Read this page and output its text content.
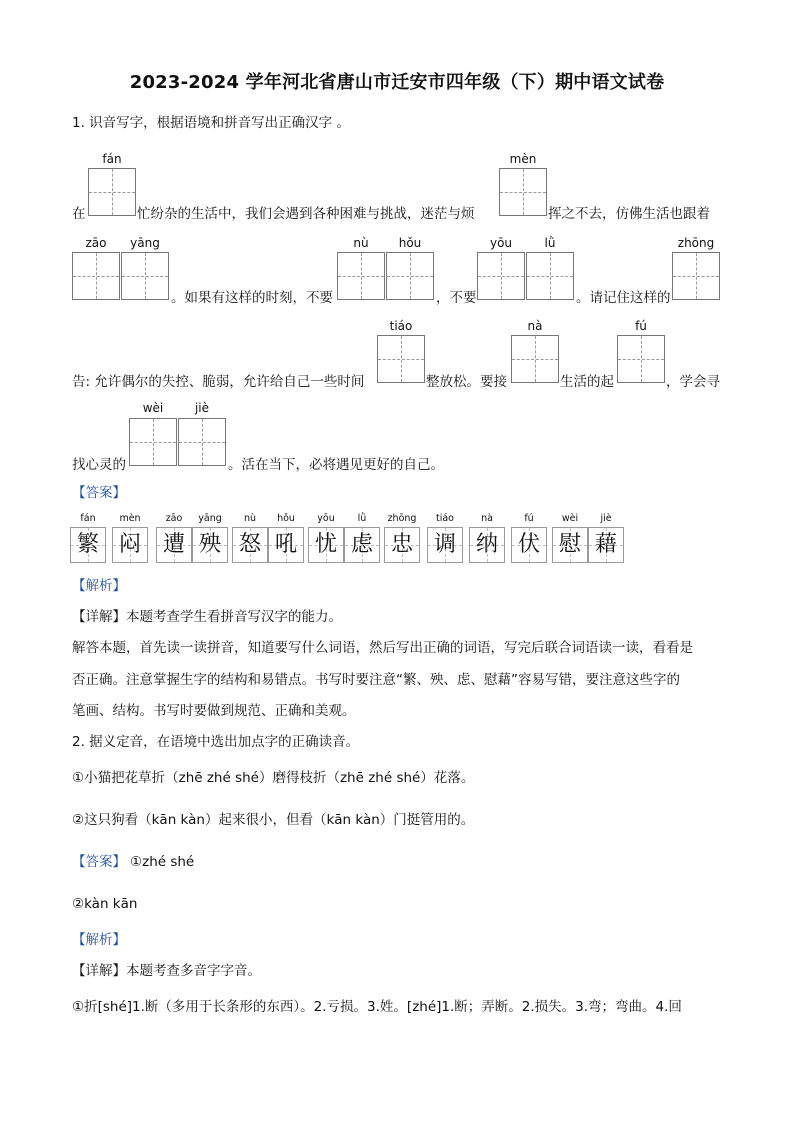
2023-2024 学年河北省唐山市迁安市四年级（下）期中语文试卷
1. 识音写字，根据语境和拼音写出正确汉字 。
fán	mèn
在	忙纷杂的生活中，我们会遇到各种困难与挑战，迷茫与烦	挥之不去，仿佛生活也跟着
zāo	yāng
。如果有这样的时刻，不要
nù	hǒu
，不要
yōu	lǜ
。请记住这样的
zhōng
告: 允许偶尔的失控、脆弱，允许给自己一些时间
tiáo
整放松。要接
nà
生活的起
fú
，学会寻
找心灵的
wèi	jiè
。活在当下，必将遇见更好的自己。
【答案】
fán
繁
mèn
闷
zāo
遭
yāng
殃
nù
怒
hǒu
吼
yōu
忧
lǜ
虑
zhōng
忠
tiáo
调
nà
纳
fú
伏
wèi
慰
jiè
藉
【解析】
【详解】本题考查学生看拼音写汉字的能力。
解答本题，首先读一读拼音，知道要写什么词语，然后写出正确的词语，写完后联合词语读一读，看看是
否正确。注意掌握生字的结构和易错点。书写时要注意“繁、殃、虑、慰藉”容易写错，要注意这些字的
笔画、结构。书写时要做到规范、正确和美观。
2. 据义定音，在语境中选出加点字的正确读音。
①小猫把花草折（zhē zhé shé）磨得枝折（zhē zhé shé）花落。
②这只狗看（kān kàn）起来很小，但看（kān kàn）门挺管用的。
【答案】 ①zhé shé
②kàn kān
【解析】
【详解】本题考查多音字字音。
①折[shé]1.断（多用于长条形的东西）。2.亏损。3.姓。[zhé]1.断；弄断。2.损失。3.弯；弯曲。4.回
